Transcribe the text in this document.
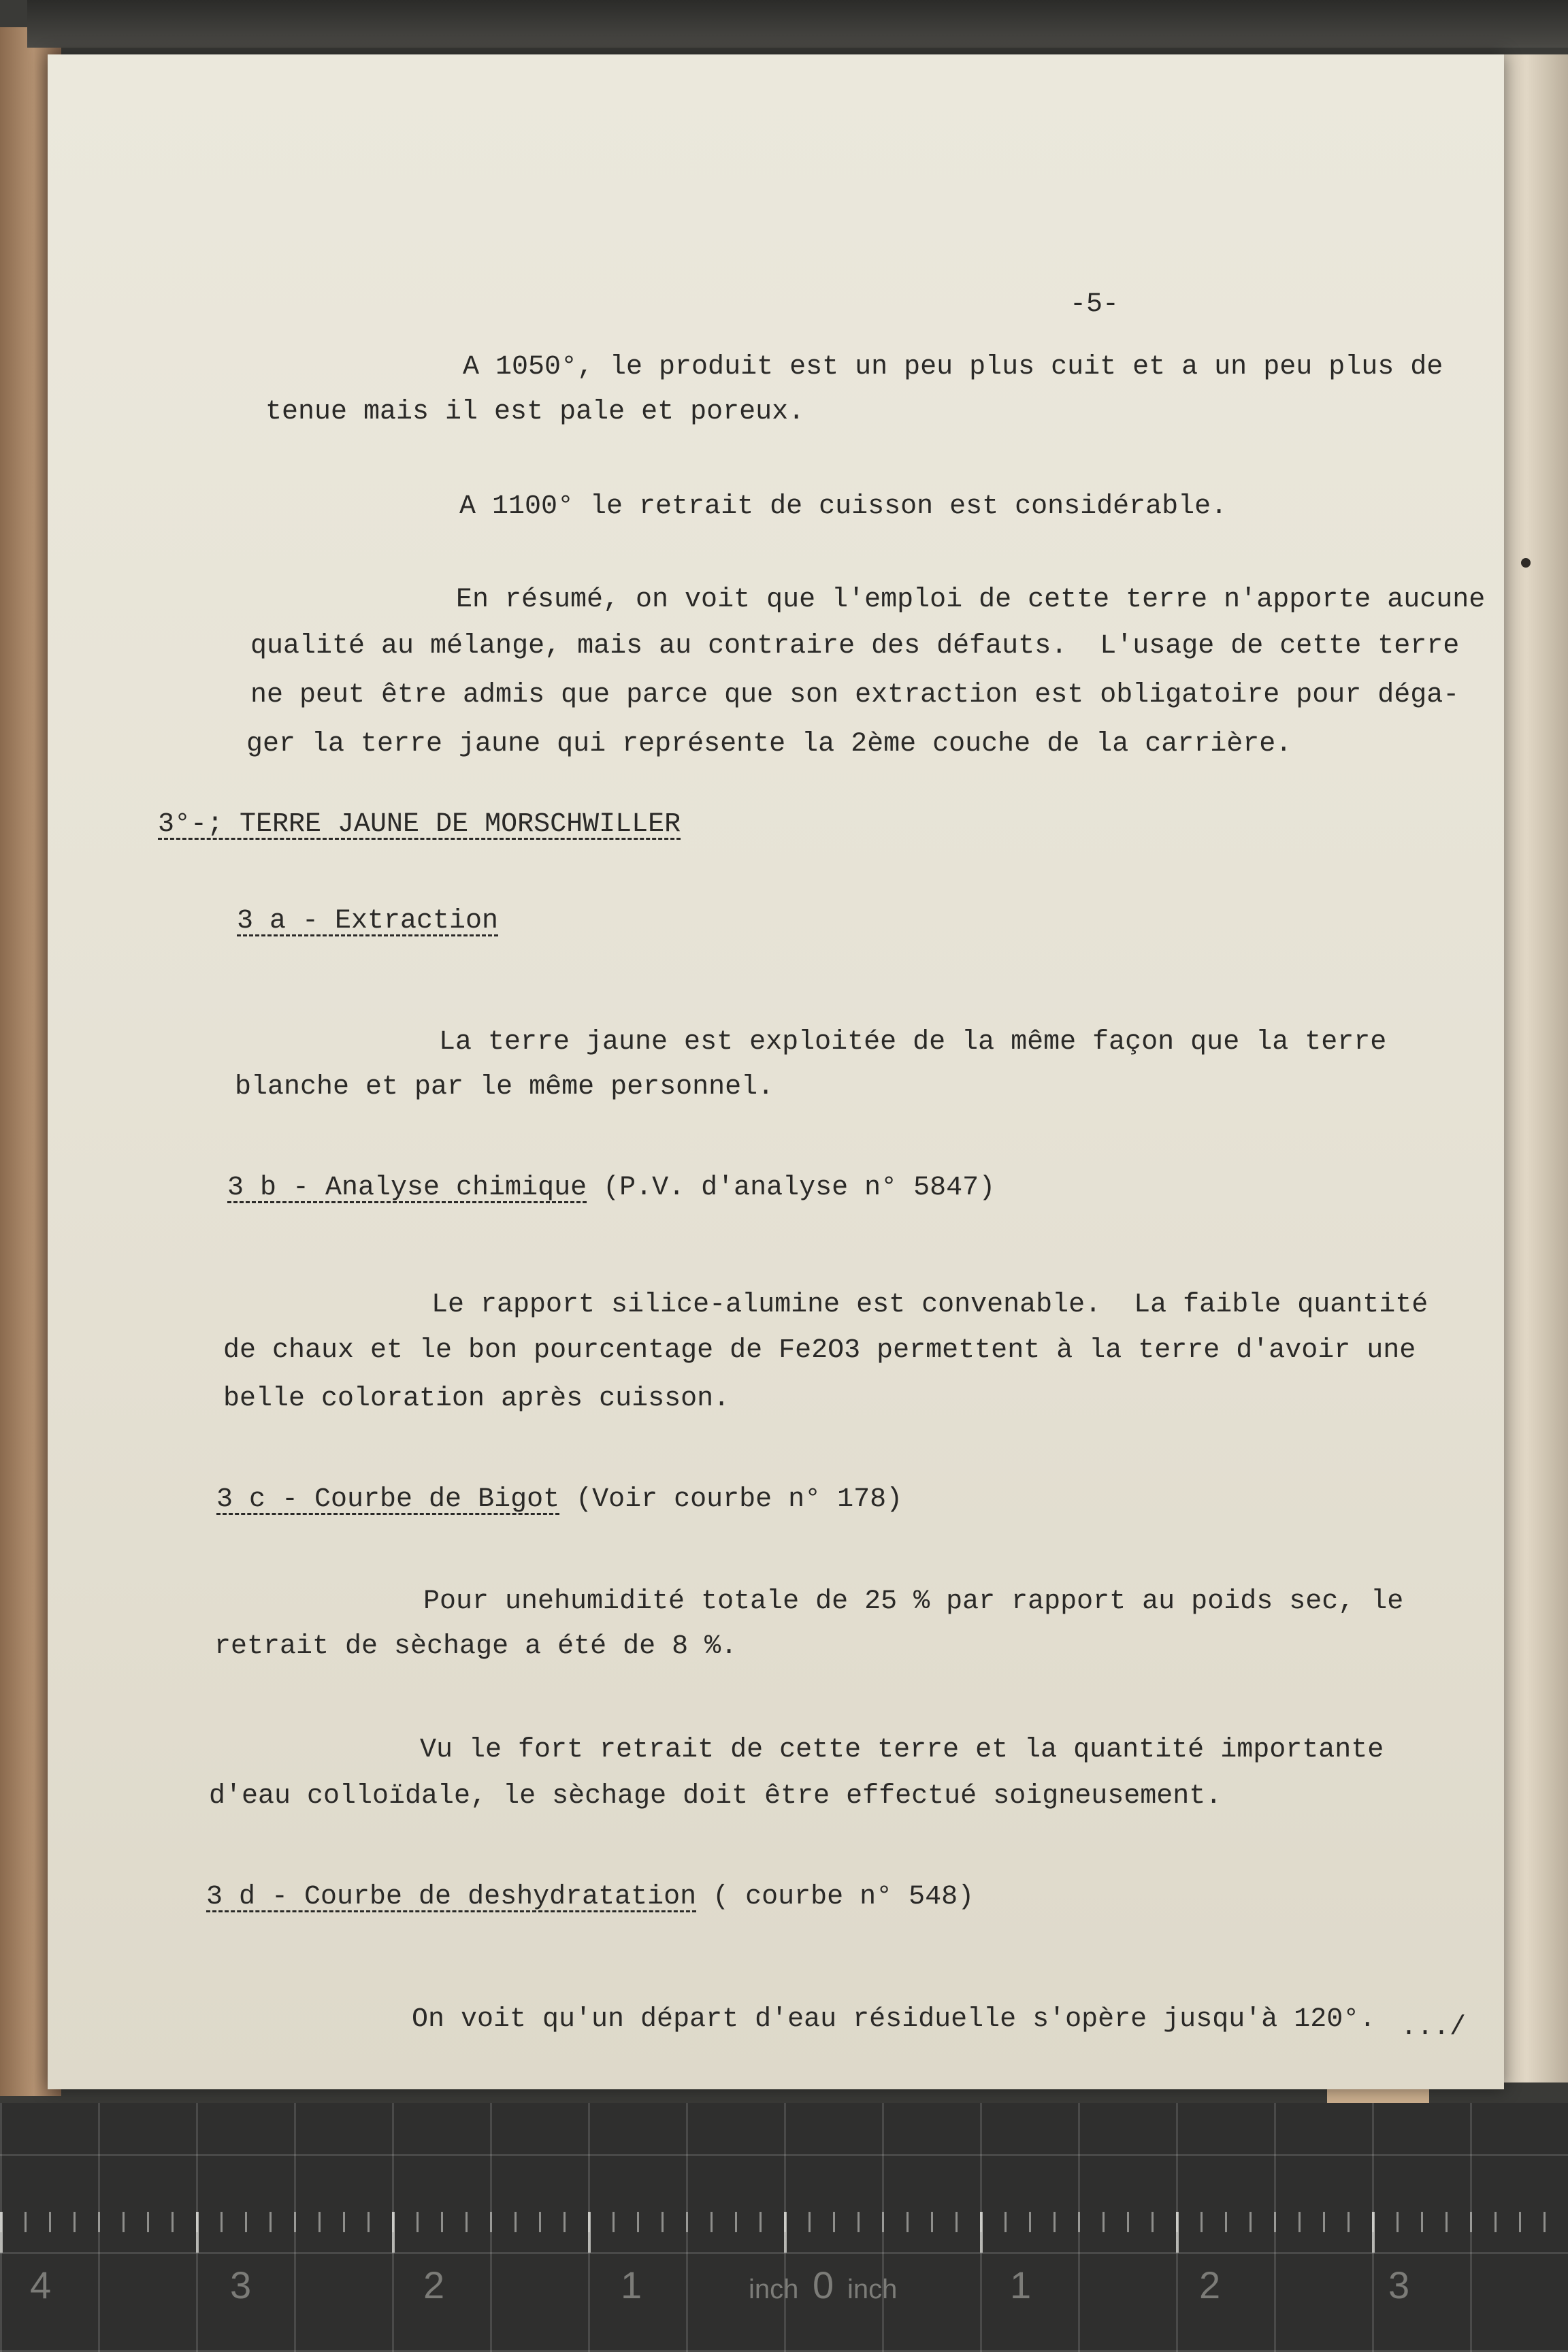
-5-
A 1050°, le produit est un peu plus cuit et a un peu plus de
tenue mais il est pale et poreux.
A 1100° le retrait de cuisson est considérable.
En résumé, on voit que l'emploi de cette terre n'apporte aucune
qualité au mélange, mais au contraire des défauts.  L'usage de cette terre
ne peut être admis que parce que son extraction est obligatoire pour déga-
ger la terre jaune qui représente la 2ème couche de la carrière.
3°-; TERRE JAUNE DE MORSCHWILLER
3 a - Extraction
La terre jaune est exploitée de la même façon que la terre
blanche et par le même personnel.
3 b - Analyse chimique (P.V. d'analyse n° 5847)
Le rapport silice-alumine est convenable.  La faible quantité
de chaux et le bon pourcentage de Fe2O3 permettent à la terre d'avoir une
belle coloration après cuisson.
3 c - Courbe de Bigot (Voir courbe n° 178)
Pour unehumidité totale de 25 % par rapport au poids sec, le
retrait de sèchage a été de 8 %.
Vu le fort retrait de cette terre et la quantité importante
d'eau colloïdale, le sèchage doit être effectué soigneusement.
3 d - Courbe de deshydratation ( courbe n° 548)
On voit qu'un départ d'eau résiduelle s'opère jusqu'à 120°. .../
4	3	2	1	inch 0 inch	1	2	3
